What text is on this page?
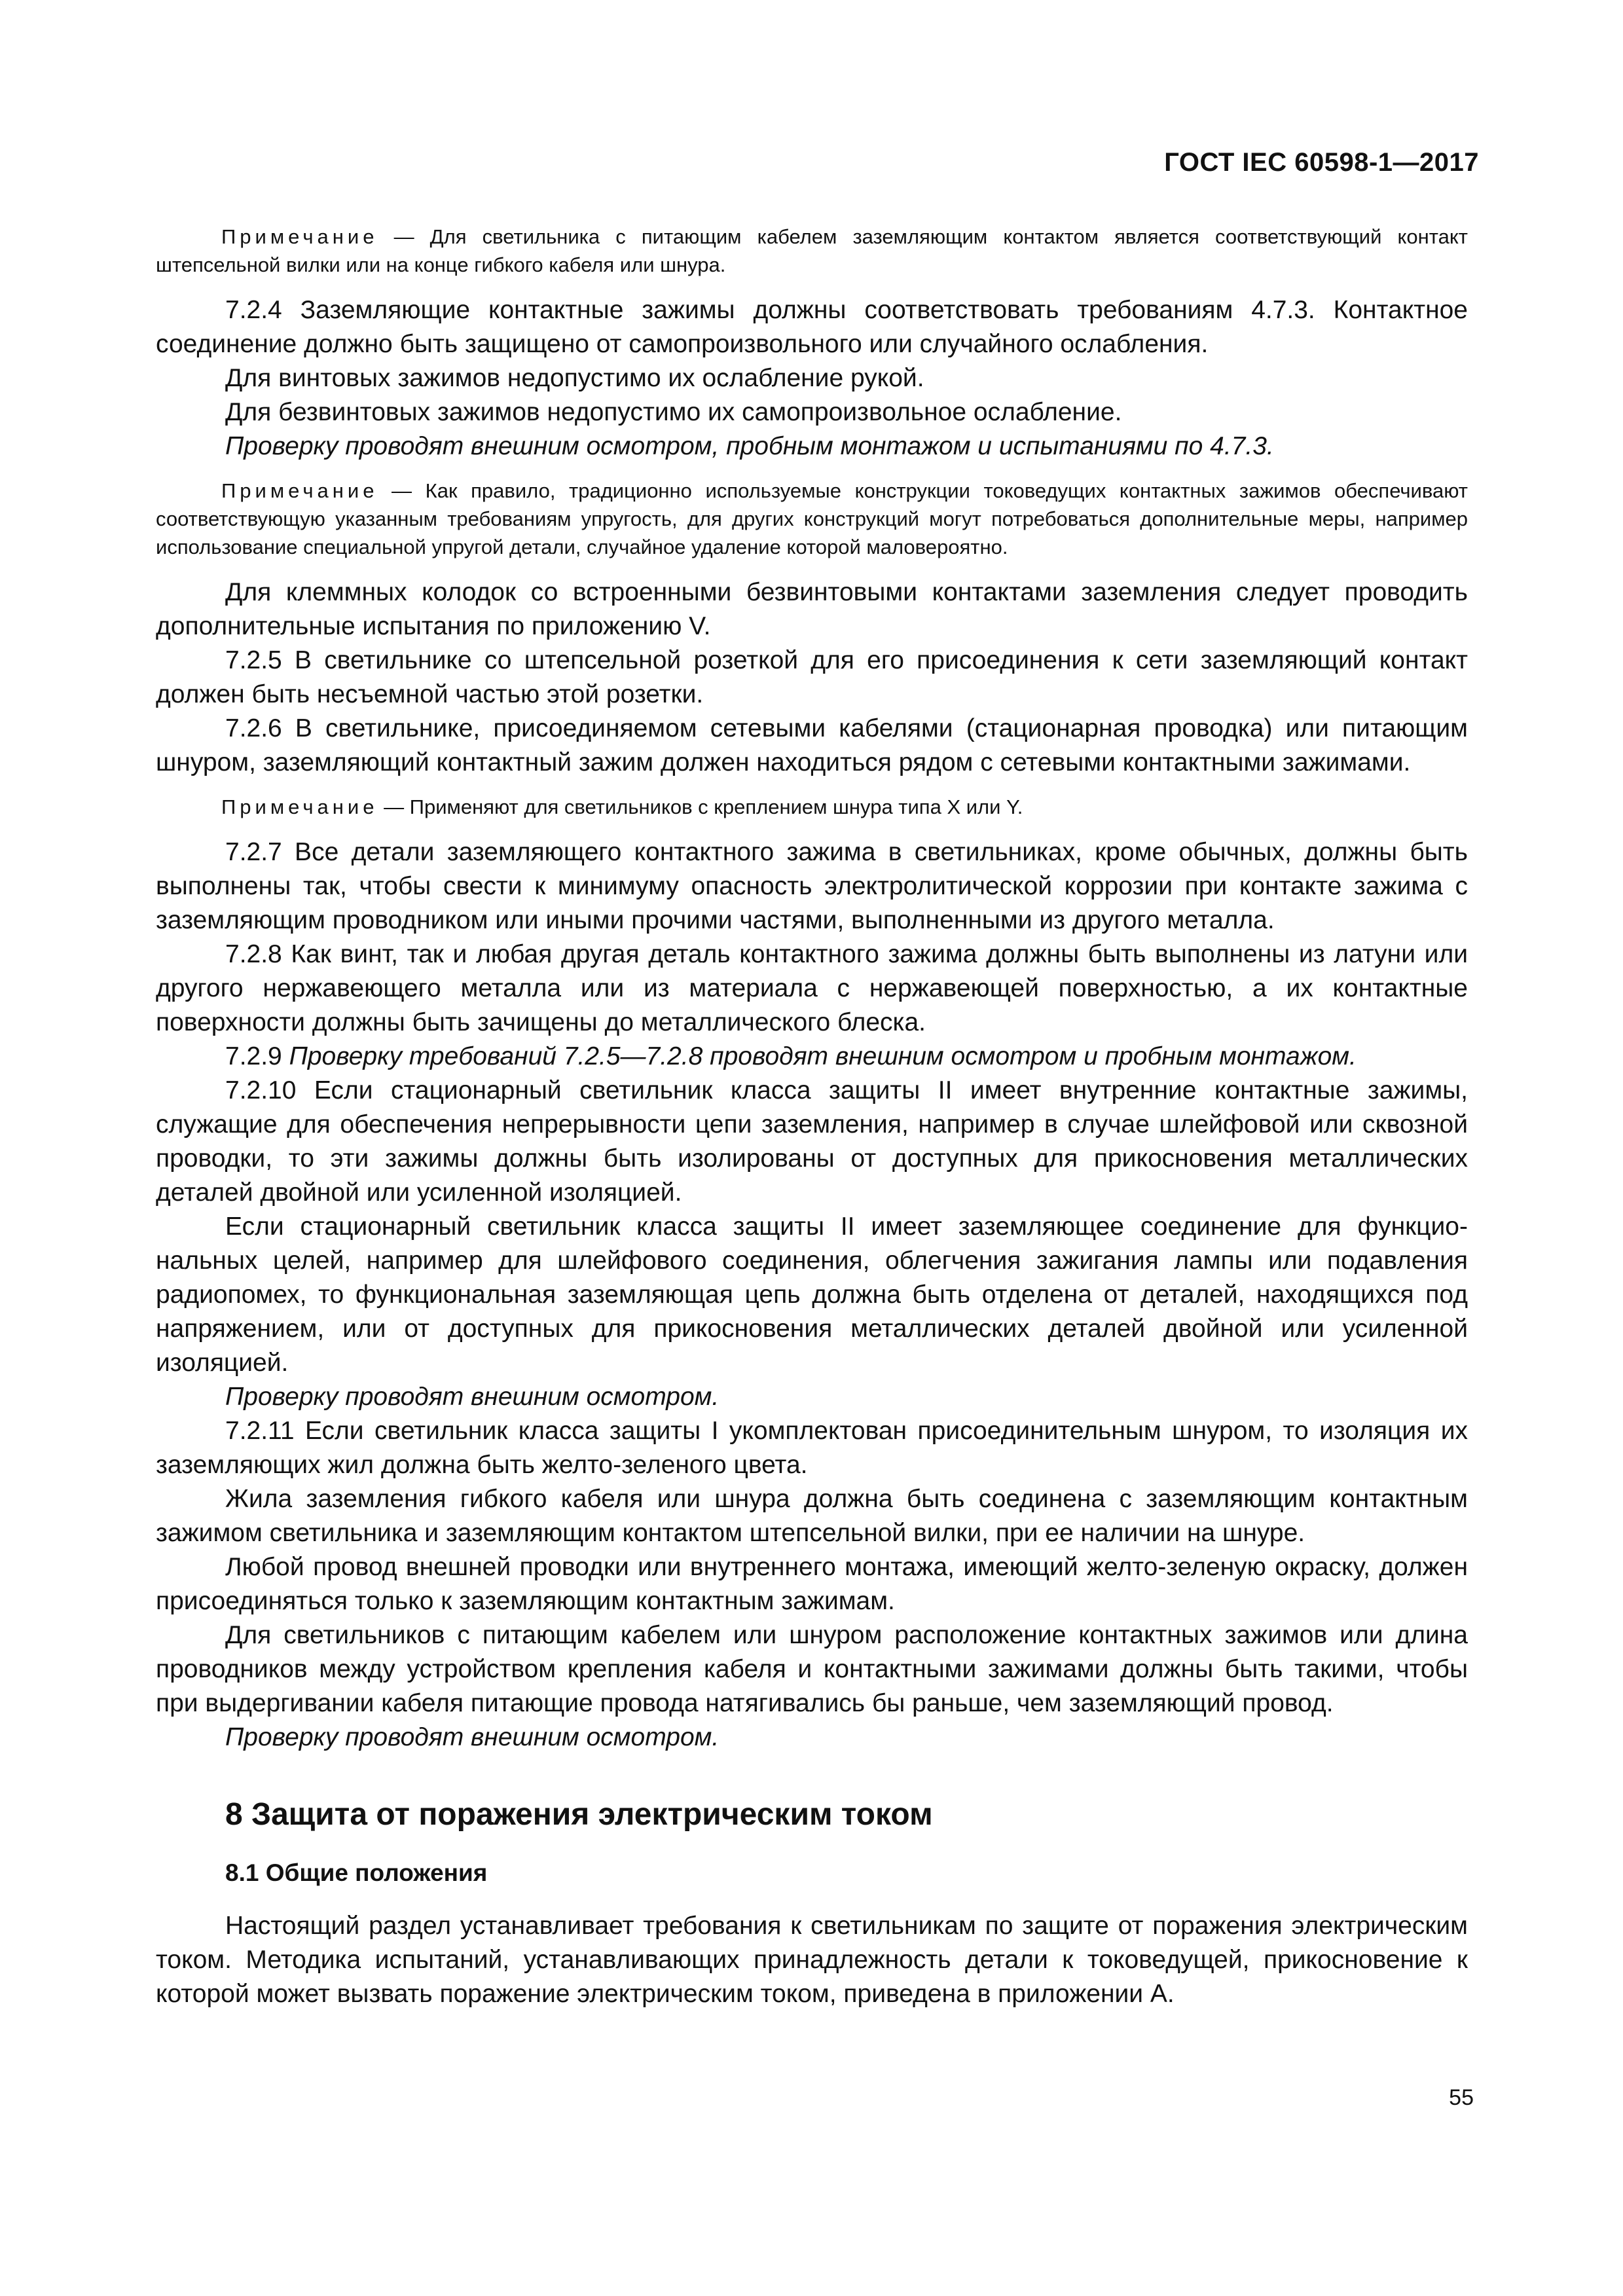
ГОСТ IEC 60598-1—2017

Примечание — Для светильника с питающим кабелем заземляющим контактом является соответствующий контакт штепсельной вилки или на конце гибкого кабеля или шнура.

7.2.4 Заземляющие контактные зажимы должны соответствовать требованиям 4.7.3. Контактное соединение должно быть защищено от самопроизвольного или случайного ослабления.

Для винтовых зажимов недопустимо их ослабление рукой.

Для безвинтовых зажимов недопустимо их самопроизвольное ослабление.

Проверку проводят внешним осмотром, пробным монтажом и испытаниями по 4.7.3.

Примечание — Как правило, традиционно используемые конструкции токоведущих контактных зажимов обеспечивают соответствующую указанным требованиям упругость, для других конструкций могут потребоваться дополнительные меры, например использование специальной упругой детали, случайное удаление которой маловероятно.

Для клеммных колодок со встроенными безвинтовыми контактами заземления следует проводить дополнительные испытания по приложению V.

7.2.5 В светильнике со штепсельной розеткой для его присоединения к сети заземляющий контакт должен быть несъемной частью этой розетки.

7.2.6 В светильнике, присоединяемом сетевыми кабелями (стационарная проводка) или питающим шнуром, заземляющий контактный зажим должен находиться рядом с сетевыми контактными зажимами.

Примечание — Применяют для светильников с креплением шнура типа X или Y.

7.2.7 Все детали заземляющего контактного зажима в светильниках, кроме обычных, должны быть выполнены так, чтобы свести к минимуму опасность электролитической коррозии при контакте зажима с заземляющим проводником или иными прочими частями, выполненными из другого металла.

7.2.8 Как винт, так и любая другая деталь контактного зажима должны быть выполнены из латуни или другого нержавеющего металла или из материала с нержавеющей поверхностью, а их контактные поверхности должны быть зачищены до металлического блеска.

7.2.9 Проверку требований 7.2.5—7.2.8 проводят внешним осмотром и пробным монтажом.

7.2.10 Если стационарный светильник класса защиты II имеет внутренние контактные зажимы, служащие для обеспечения непрерывности цепи заземления, например в случае шлейфовой или сквозной проводки, то эти зажимы должны быть изолированы от доступных для прикосновения металлических деталей двойной или усиленной изоляцией.

Если стационарный светильник класса защиты II имеет заземляющее соединение для функциональных целей, например для шлейфового соединения, облегчения зажигания лампы или подавления радиопомех, то функциональная заземляющая цепь должна быть отделена от деталей, находящихся под напряжением, или от доступных для прикосновения металлических деталей двойной или усиленной изоляцией.

Проверку проводят внешним осмотром.

7.2.11 Если светильник класса защиты I укомплектован присоединительным шнуром, то изоляция их заземляющих жил должна быть желто-зеленого цвета.

Жила заземления гибкого кабеля или шнура должна быть соединена с заземляющим контактным зажимом светильника и заземляющим контактом штепсельной вилки, при ее наличии на шнуре.

Любой провод внешней проводки или внутреннего монтажа, имеющий желто-зеленую окраску, должен присоединяться только к заземляющим контактным зажимам.

Для светильников с питающим кабелем или шнуром расположение контактных зажимов или длина проводников между устройством крепления кабеля и контактными зажимами должны быть такими, чтобы при выдергивании кабеля питающие провода натягивались бы раньше, чем заземляющий провод.

Проверку проводят внешним осмотром.

8 Защита от поражения электрическим током
8.1 Общие положения

Настоящий раздел устанавливает требования к светильникам по защите от поражения электрическим током. Методика испытаний, устанавливающих принадлежность детали к токоведущей, прикосновение к которой может вызвать поражение электрическим током, приведена в приложении А.

55
